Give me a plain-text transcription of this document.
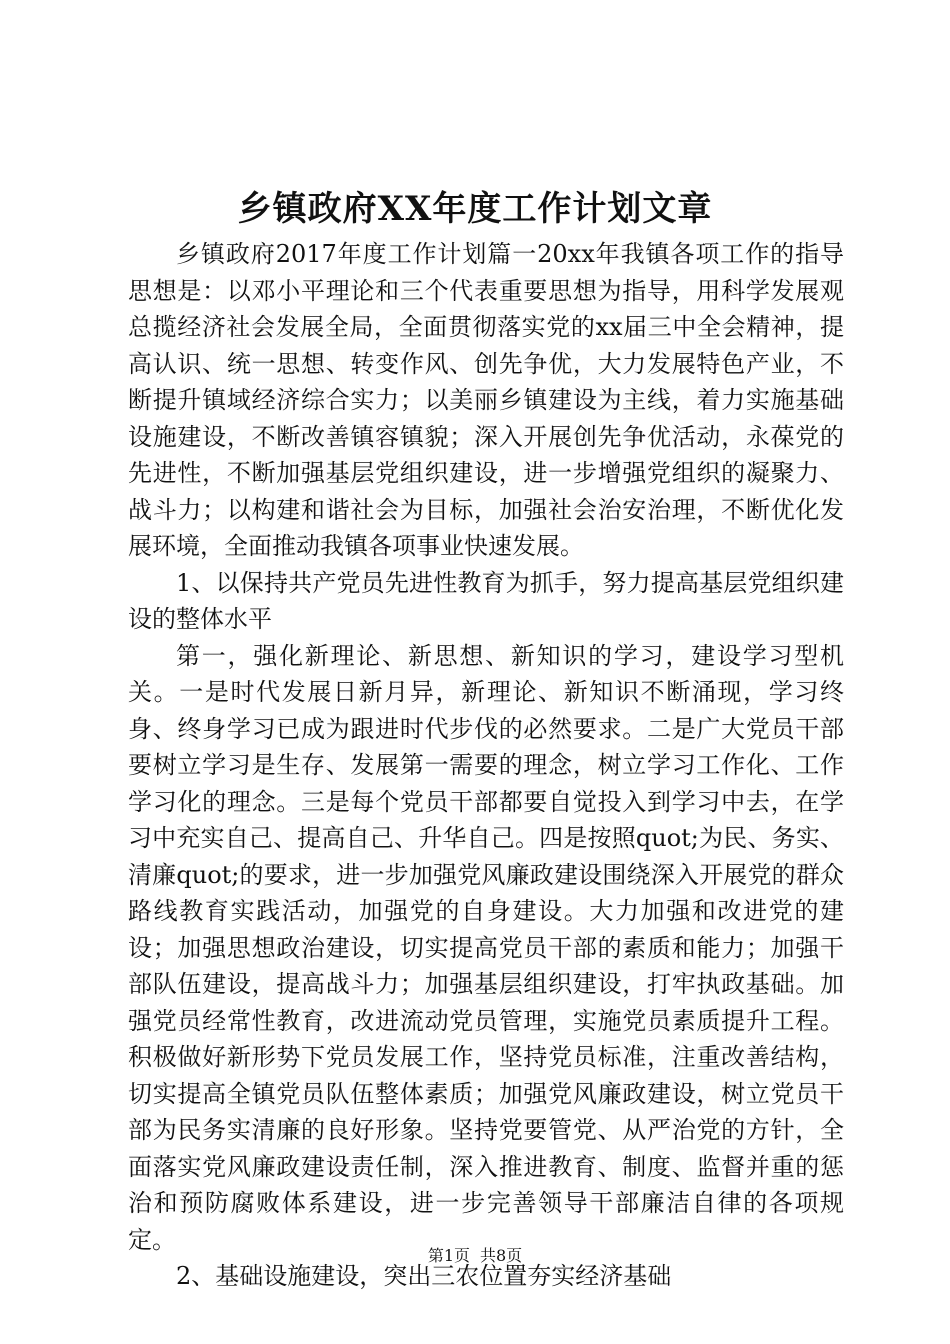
乡镇政府XX年度工作计划文章

乡镇政府2017年度工作计划篇一20xx年我镇各项工作的指导思想是：以邓小平理论和三个代表重要思想为指导，用科学发展观总揽经济社会发展全局，全面贯彻落实党的xx届三中全会精神，提高认识、统一思想、转变作风、创先争优，大力发展特色产业，不断提升镇域经济综合实力；以美丽乡镇建设为主线，着力实施基础设施建设，不断改善镇容镇貌；深入开展创先争优活动，永葆党的先进性，不断加强基层党组织建设，进一步增强党组织的凝聚力、战斗力；以构建和谐社会为目标，加强社会治安治理，不断优化发展环境，全面推动我镇各项事业快速发展。

1、以保持共产党员先进性教育为抓手，努力提高基层党组织建设的整体水平

第一，强化新理论、新思想、新知识的学习，建设学习型机关。一是时代发展日新月异，新理论、新知识不断涌现，学习终身、终身学习已成为跟进时代步伐的必然要求。二是广大党员干部要树立学习是生存、发展第一需要的理念，树立学习工作化、工作学习化的理念。三是每个党员干部都要自觉投入到学习中去，在学习中充实自己、提高自己、升华自己。四是按照quot;为民、务实、清廉quot;的要求，进一步加强党风廉政建设围绕深入开展党的群众路线教育实践活动，加强党的自身建设。大力加强和改进党的建设；加强思想政治建设，切实提高党员干部的素质和能力；加强干部队伍建设，提高战斗力；加强基层组织建设，打牢执政基础。加强党员经常性教育，改进流动党员管理，实施党员素质提升工程。积极做好新形势下党员发展工作，坚持党员标准，注重改善结构，切实提高全镇党员队伍整体素质；加强党风廉政建设，树立党员干部为民务实清廉的良好形象。坚持党要管党、从严治党的方针，全面落实党风廉政建设责任制，深入推进教育、制度、监督并重的惩治和预防腐败体系建设，进一步完善领导干部廉洁自律的各项规定。

2、基础设施建设，突出三农位置夯实经济基础

第1页 共8页
